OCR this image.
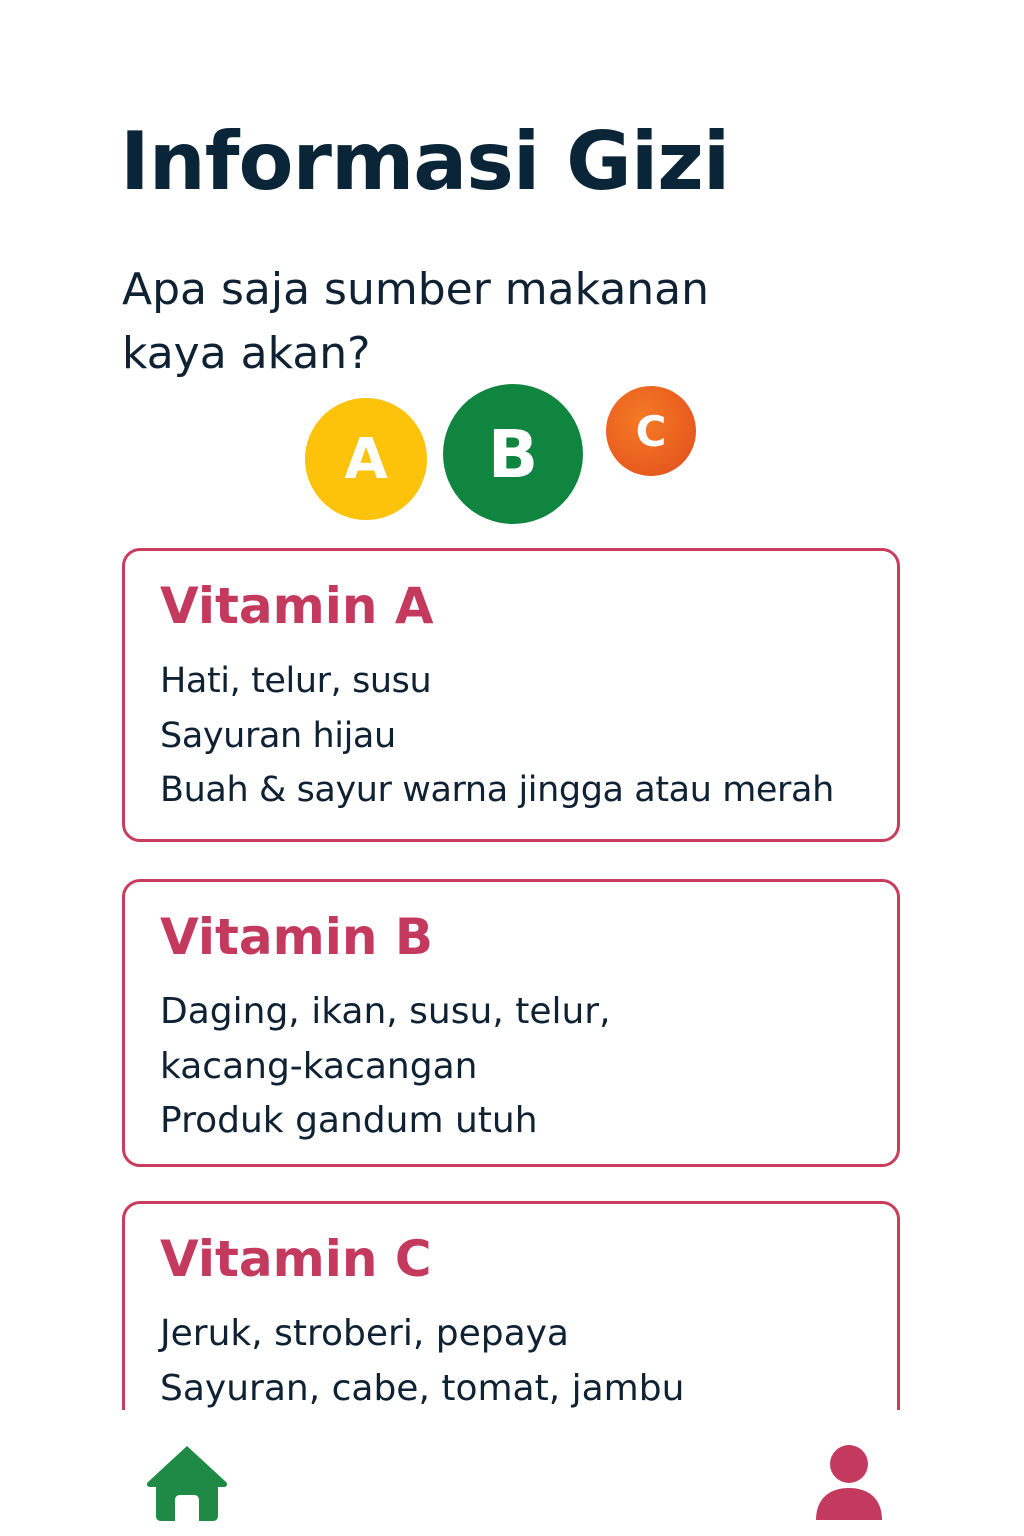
Informasi Gizi

Apa saja sumber makanan
kaya akan?

A	B	C
Vitamin A
Hati, telur, susu
Sayuran hijau
Buah & sayur warna jingga atau merah
Vitamin B
Daging, ikan, susu, telur,
kacang-kacangan
Produk gandum utuh
Vitamin C
Jeruk, stroberi, pepaya
Sayuran, cabe, tomat, jambu
